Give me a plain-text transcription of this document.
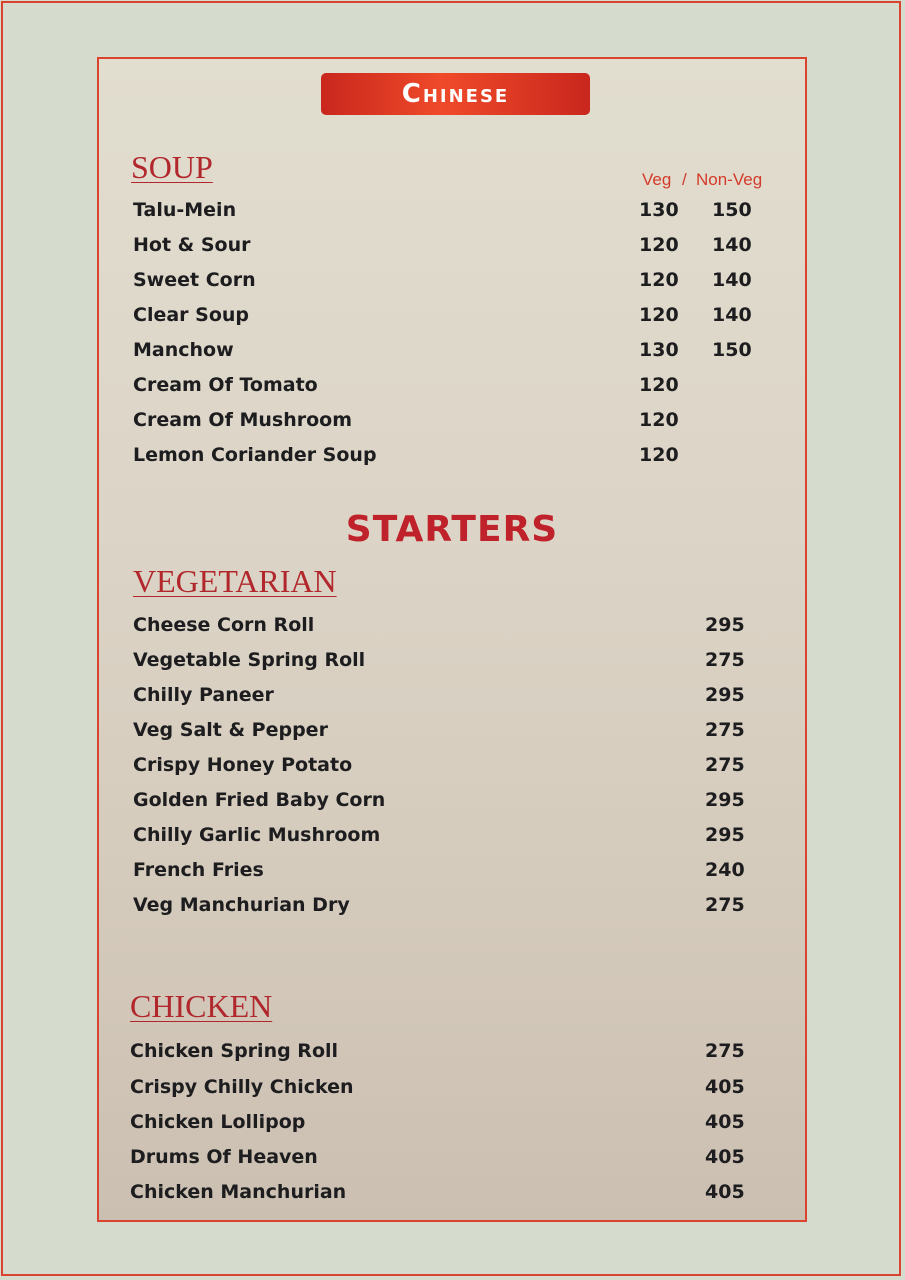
Chinese
SOUP	Veg / Non-Veg
Talu-Mein	130 150
Hot & Sour	120 140
Sweet Corn	120 140
Clear Soup	120 140
Manchow	130 150
Cream Of Tomato	120
Cream Of Mushroom	120
Lemon Coriander Soup	120
STARTERS
VEGETARIAN
Cheese Corn Roll	295
Vegetable Spring Roll	275
Chilly Paneer	295
Veg Salt & Pepper	275
Crispy Honey Potato	275
Golden Fried Baby Corn	295
Chilly Garlic Mushroom	295
French Fries	240
Veg Manchurian Dry	275
CHICKEN
Chicken Spring Roll	275
Crispy Chilly Chicken	405
Chicken Lollipop	405
Drums Of Heaven	405
Chicken Manchurian	405
